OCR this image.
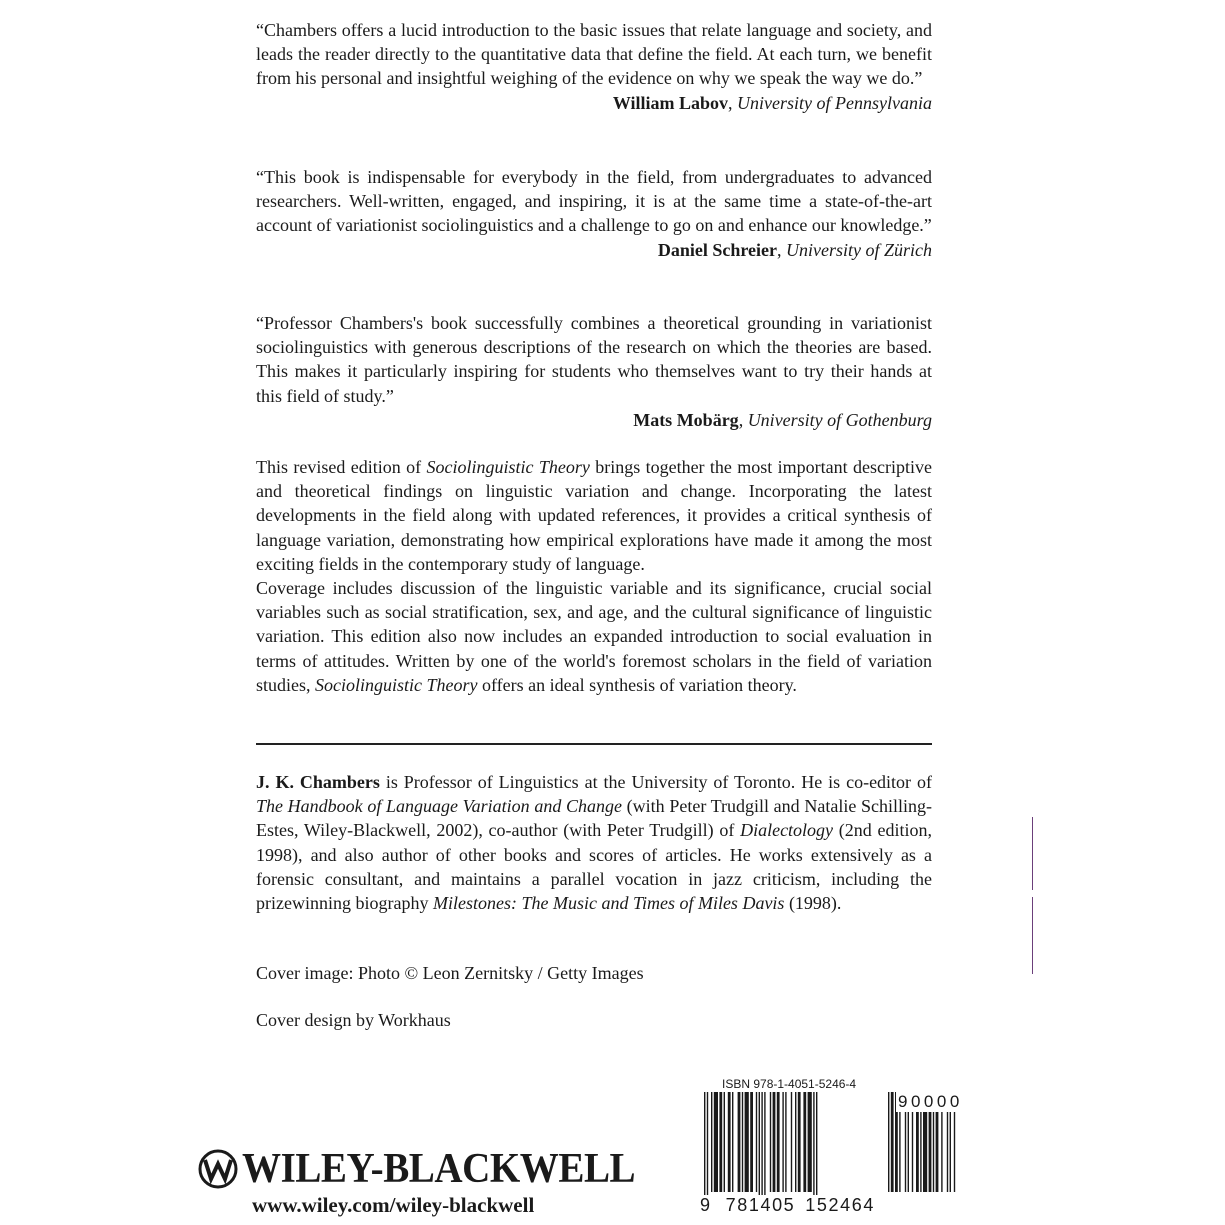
“Chambers offers a lucid introduction to the basic issues that relate language and society, and leads the reader directly to the quantitative data that define the field. At each turn, we benefit from his personal and insightful weighing of the evidence on why we speak the way we do.”

William Labov, University of Pennsylvania

“This book is indispensable for everybody in the field, from undergraduates to advanced researchers. Well-written, engaged, and inspiring, it is at the same time a state-of-the-art account of variationist sociolinguistics and a challenge to go on and enhance our knowledge.”

Daniel Schreier, University of Zürich

“Professor Chambers's book successfully combines a theoretical grounding in variationist sociolinguistics with generous descriptions of the research on which the theories are based. This makes it particularly inspiring for students who themselves want to try their hands at this field of study.”

Mats Mobärg, University of Gothenburg

This revised edition of Sociolinguistic Theory brings together the most important descriptive and theoretical findings on linguistic variation and change. Incorporating the latest developments in the field along with updated references, it provides a critical synthesis of language variation, demonstrating how empirical explorations have made it among the most exciting fields in the contemporary study of language.

Coverage includes discussion of the linguistic variable and its significance, crucial social variables such as social stratification, sex, and age, and the cultural significance of linguistic variation. This edition also now includes an expanded introduction to social evaluation in terms of attitudes. Written by one of the world's foremost scholars in the field of variation studies, Sociolinguistic Theory offers an ideal synthesis of variation theory.

J. K. Chambers is Professor of Linguistics at the University of Toronto. He is co-editor of The Handbook of Language Variation and Change (with Peter Trudgill and Natalie Schilling-Estes, Wiley-Blackwell, 2002), co-author (with Peter Trudgill) of Dialectology (2nd edition, 1998), and also author of other books and scores of articles. He works extensively as a forensic consultant, and maintains a parallel vocation in jazz criticism, including the prizewinning biography Milestones: The Music and Times of Miles Davis (1998).

Cover image: Photo © Leon Zernitsky / Getty Images
Cover design by Workhaus
WILEY-BLACKWELL
www.wiley.com/wiley-blackwell
ISBN 978-1-4051-5246-4
90000
9 781405 152464
